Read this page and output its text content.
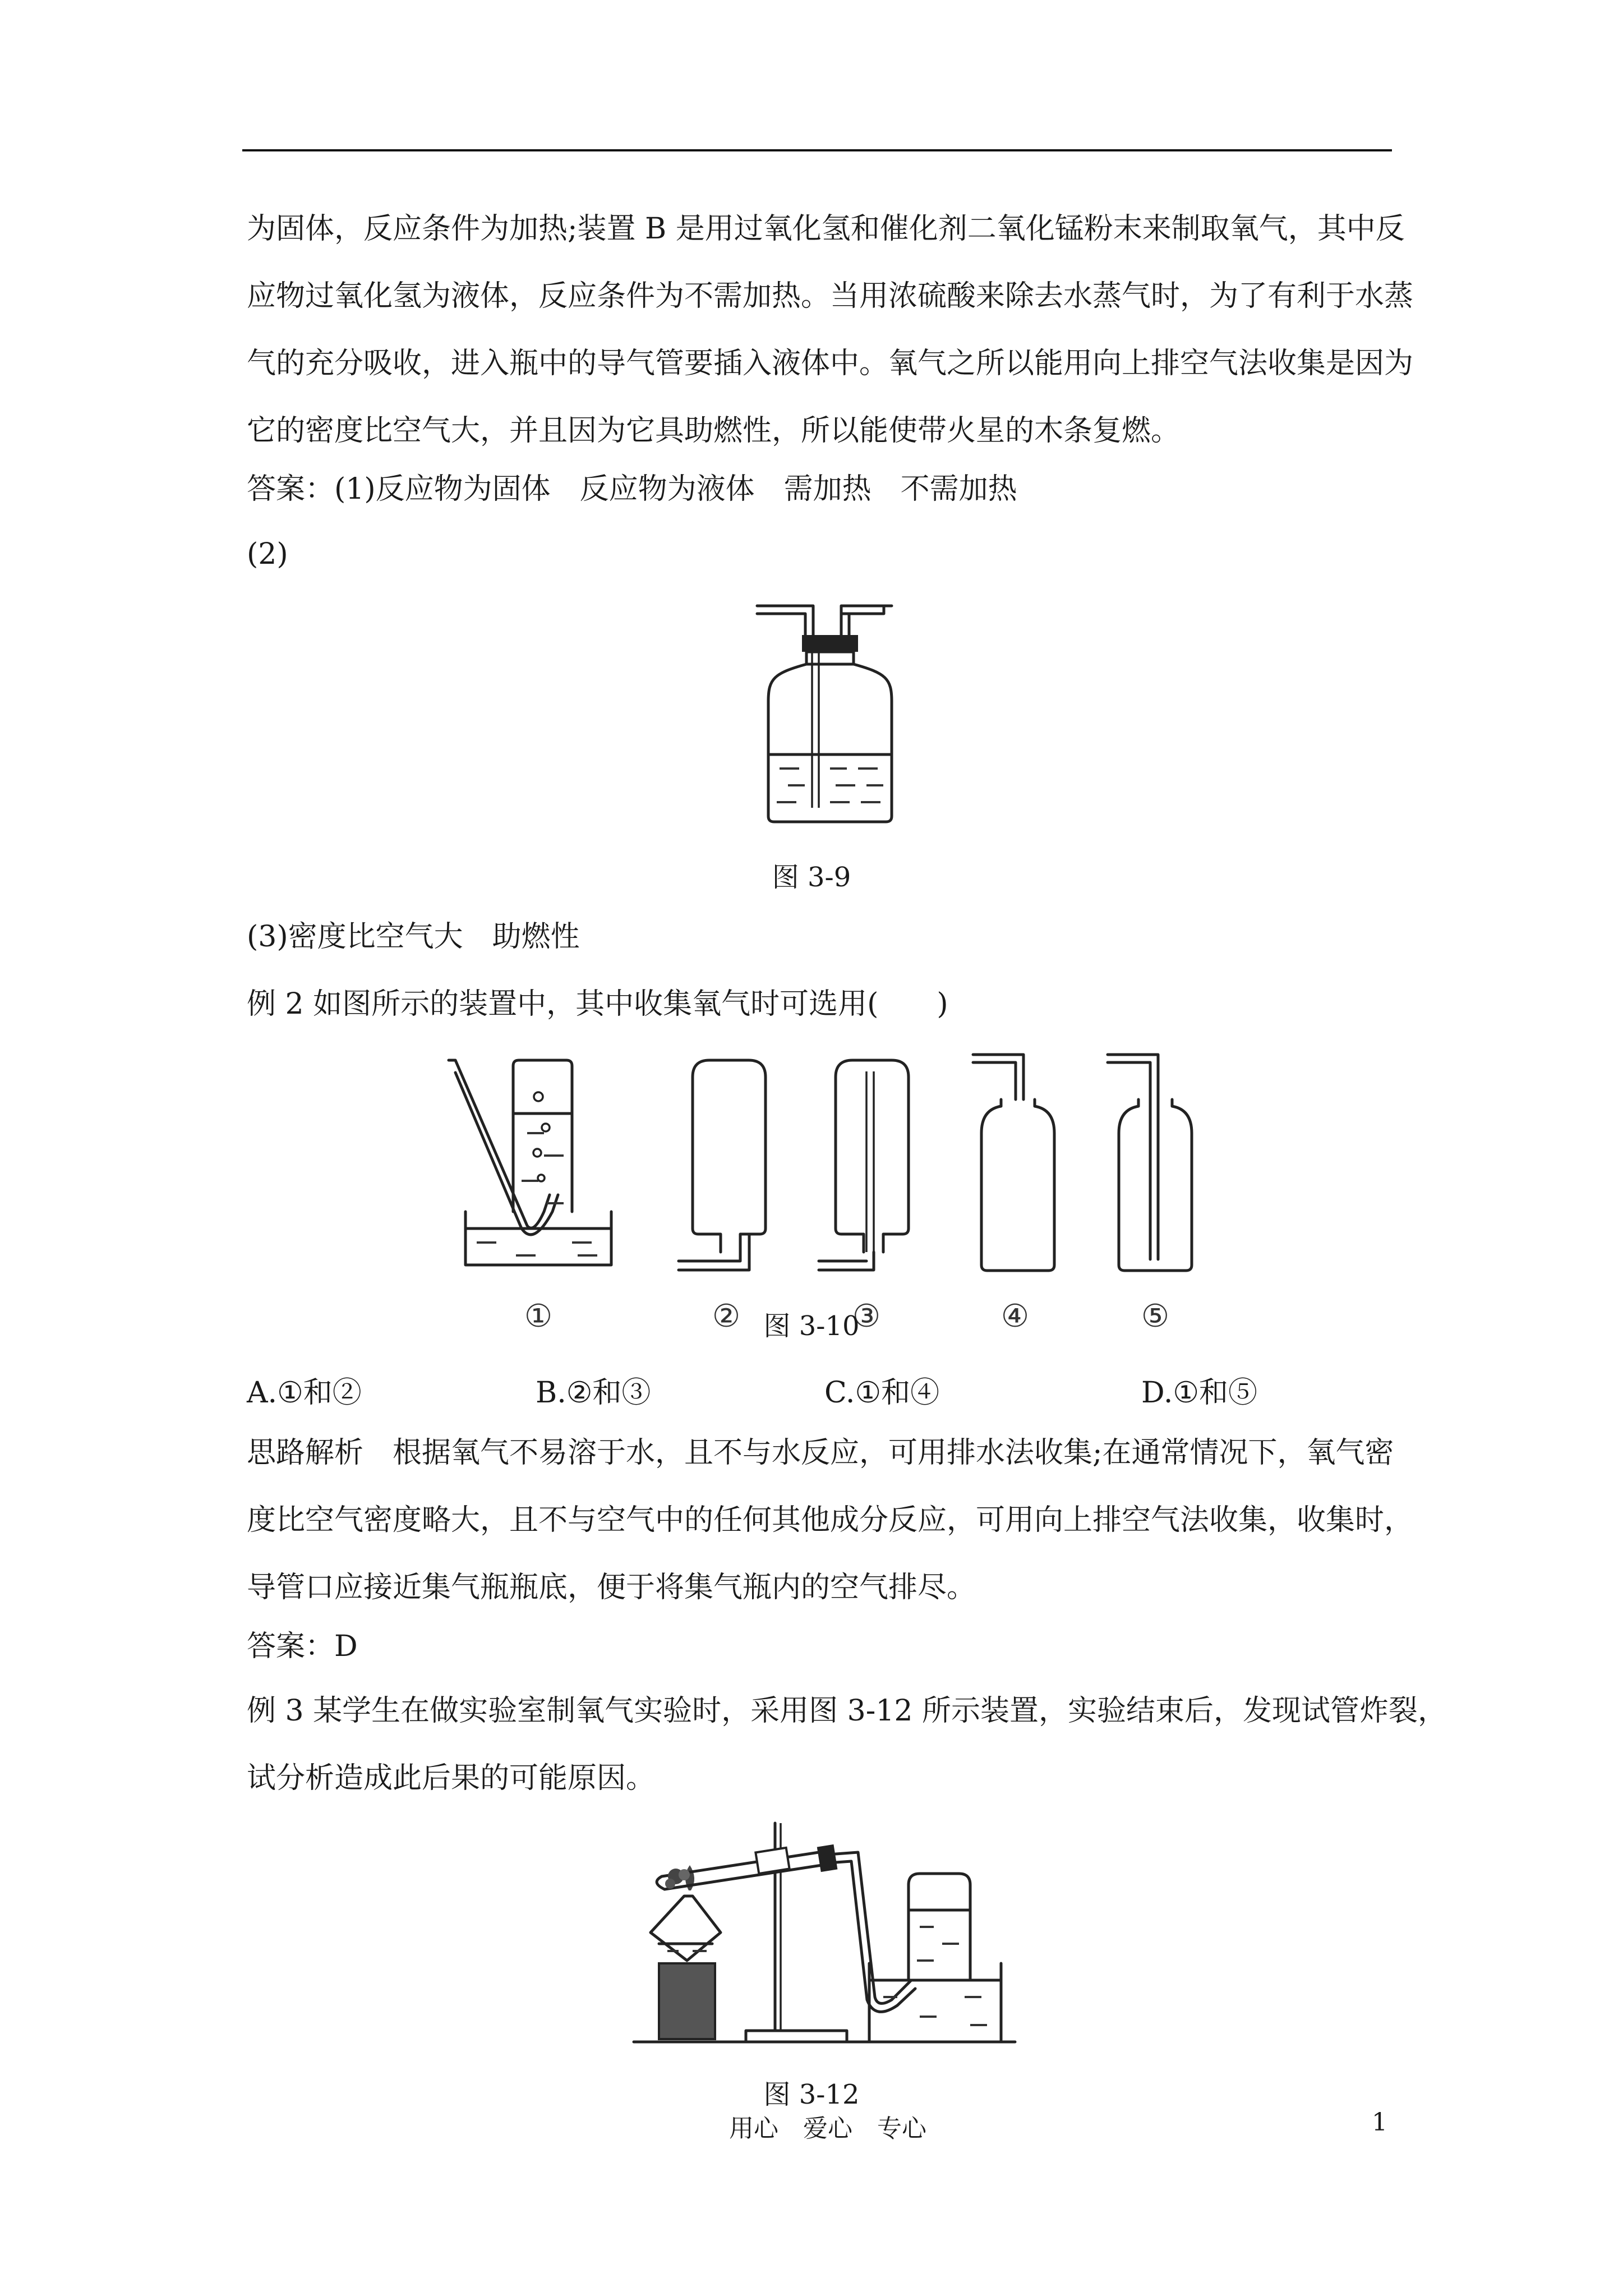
为固体，反应条件为加热;装置 B 是用过氧化氢和催化剂二氧化锰粉末来制取氧气，其中反
应物过氧化氢为液体，反应条件为不需加热。当用浓硫酸来除去水蒸气时，为了有利于水蒸
气的充分吸收，进入瓶中的导气管要插入液体中。氧气之所以能用向上排空气法收集是因为
它的密度比空气大，并且因为它具助燃性，所以能使带火星的木条复燃。
答案：(1)反应物为固体　反应物为液体　需加热　不需加热
(2)
图 3-9
(3)密度比空气大　助燃性
例 2 如图所示的装置中，其中收集氧气时可选用(　　)
①	②	③	④	⑤
图 3-10
A.①和②	B.②和③	C.①和④	D.①和⑤
思路解析　根据氧气不易溶于水，且不与水反应，可用排水法收集;在通常情况下，氧气密
度比空气密度略大，且不与空气中的任何其他成分反应，可用向上排空气法收集，收集时，
导管口应接近集气瓶瓶底，便于将集气瓶内的空气排尽。
答案：D
例 3 某学生在做实验室制氧气实验时，采用图 3-12 所示装置，实验结束后，发现试管炸裂，
试分析造成此后果的可能原因。
图 3-12
用心　爱心　专心	1
